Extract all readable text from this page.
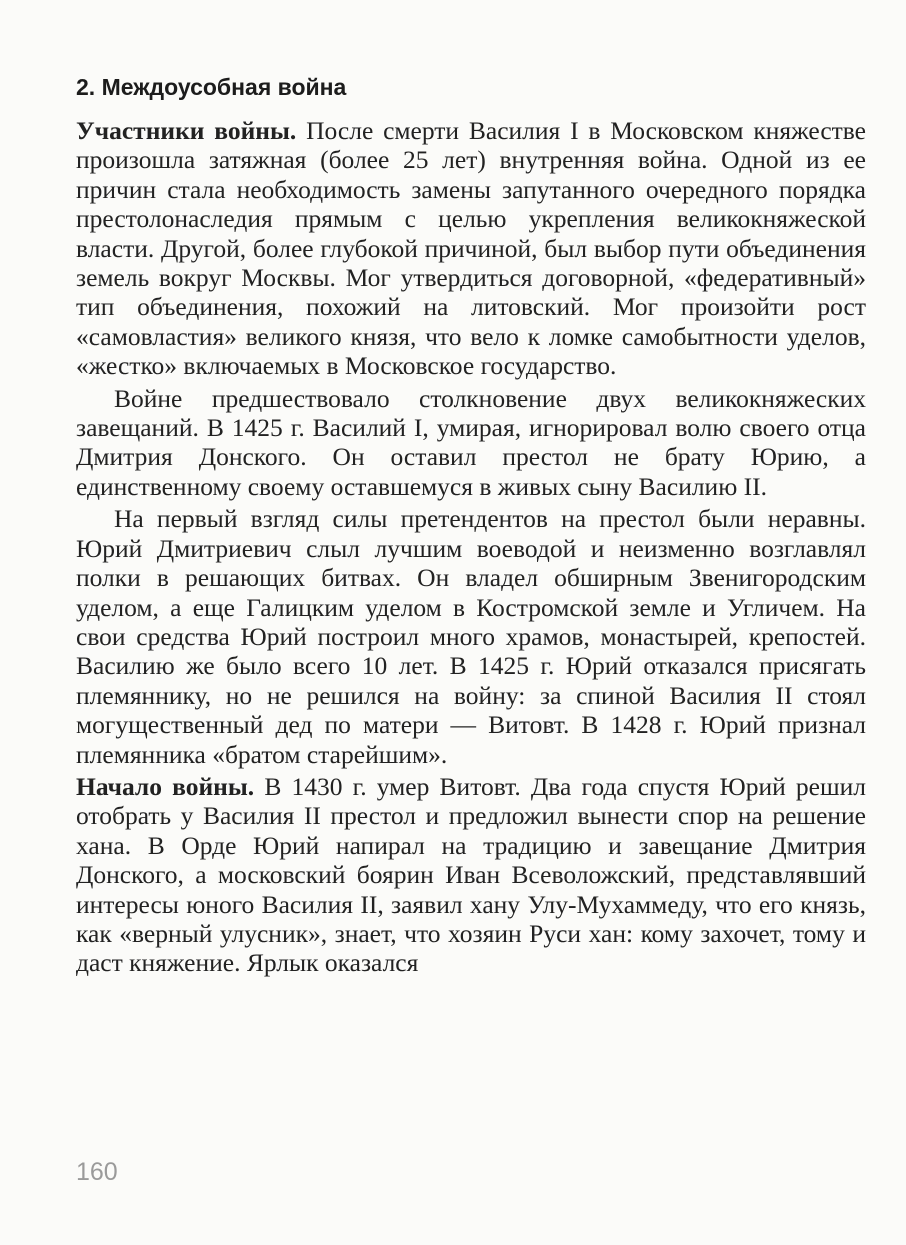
2. Междоусобная война

Участники войны. После смерти Василия I в Московском княжестве произошла затяжная (более 25 лет) внутренняя война. Одной из ее причин стала необходимость замены запутанного очередного порядка престолонаследия прямым с целью укрепления великокняжеской власти. Другой, более глубокой причиной, был выбор пути объединения земель вокруг Москвы. Мог утвердиться договорной, «федеративный» тип объединения, похожий на литовский. Мог произойти рост «самовластия» великого князя, что вело к ломке самобытности уделов, «жестко» включаемых в Московское государство.

Войне предшествовало столкновение двух великокняжеских завещаний. В 1425 г. Василий I, умирая, игнорировал волю своего отца Дмитрия Донского. Он оставил престол не брату Юрию, а единственному своему оставшемуся в живых сыну Василию II.

На первый взгляд силы претендентов на престол были неравны. Юрий Дмитриевич слыл лучшим воеводой и неизменно возглавлял полки в решающих битвах. Он владел обширным Звенигородским уделом, а еще Галицким уделом в Костромской земле и Угличем. На свои средства Юрий построил много храмов, монастырей, крепостей. Василию же было всего 10 лет. В 1425 г. Юрий отказался присягать племяннику, но не решился на войну: за спиной Василия II стоял могущественный дед по матери — Витовт. В 1428 г. Юрий признал племянника «братом старейшим».

Начало войны. В 1430 г. умер Витовт. Два года спустя Юрий решил отобрать у Василия II престол и предложил вынести спор на решение хана. В Орде Юрий напирал на традицию и завещание Дмитрия Донского, а московский боярин Иван Всеволожский, представлявший интересы юного Василия II, заявил хану Улу-Мухаммеду, что его князь, как «верный улусник», знает, что хозяин Руси хан: кому захочет, тому и даст княжение. Ярлык оказался

160
